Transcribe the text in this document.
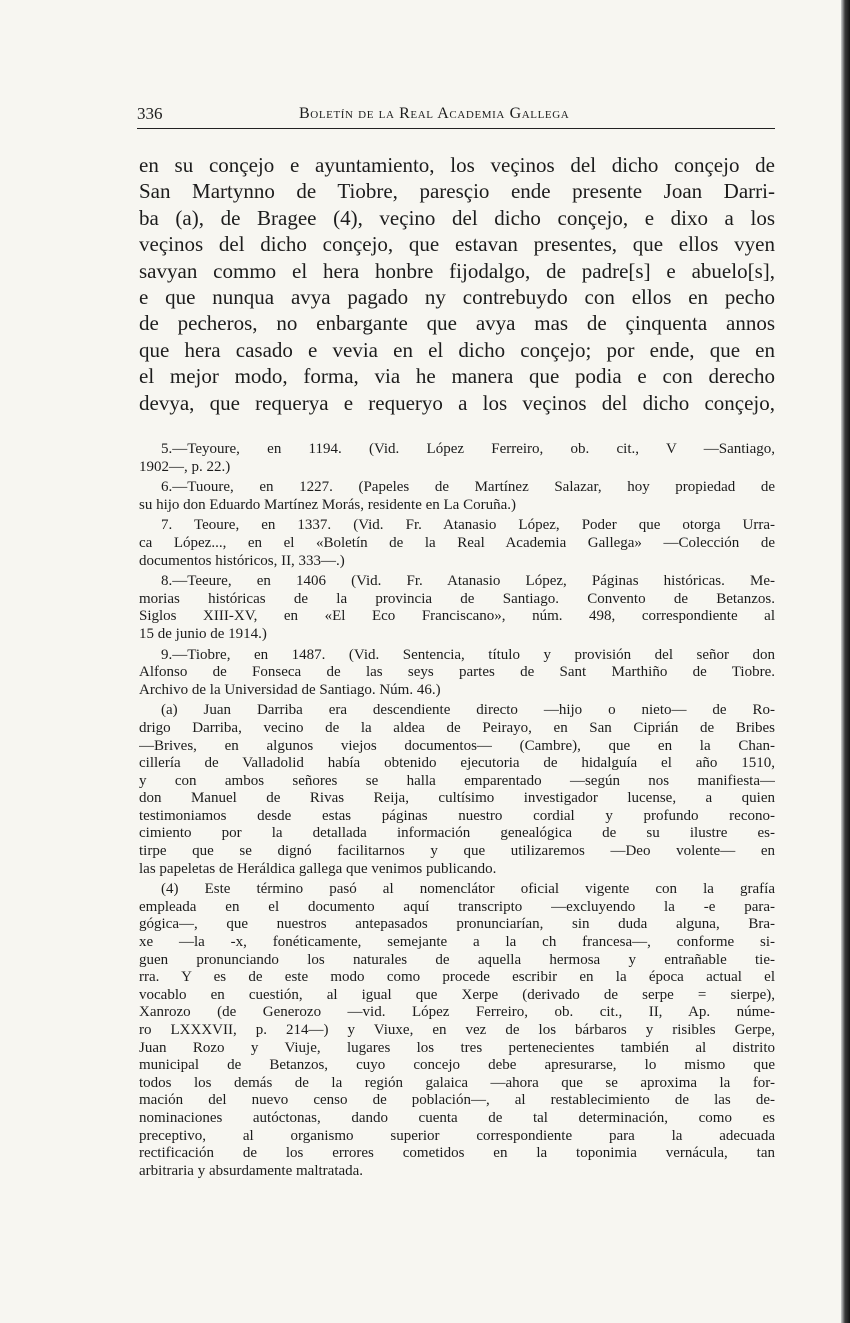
336	Boletín de la Real Academia Gallega
en su conçejo e ayuntamiento, los veçinos del dicho conçejo de
San Martynno de Tiobre, paresçio ende presente Joan Darri-
ba (a), de Bragee (4), veçino del dicho conçejo, e dixo a los
veçinos del dicho conçejo, que estavan presentes, que ellos vyen
savyan commo el hera honbre fijodalgo, de padre[s] e abuelo[s],
e que nunqua avya pagado ny contrebuydo con ellos en pecho
de pecheros, no enbargante que avya mas de çinquenta annos
que hera casado e vevia en el dicho conçejo; por ende, que en
el mejor modo, forma, via he manera que podia e con derecho
devya, que requerya e requeryo a los veçinos del dicho conçejo,
5.—Teyoure, en 1194. (Vid. López Ferreiro, ob. cit., V —Santiago,
1902—, p. 22.)
6.—Tuoure, en 1227. (Papeles de Martínez Salazar, hoy propiedad de
su hijo don Eduardo Martínez Morás, residente en La Coruña.)
7. Teoure, en 1337. (Vid. Fr. Atanasio López, Poder que otorga Urra-
ca López..., en el «Boletín de la Real Academia Gallega» —Colección de
documentos históricos, II, 333—.)
8.—Teeure, en 1406 (Vid. Fr. Atanasio López, Páginas históricas. Me-
morias históricas de la provincia de Santiago. Convento de Betanzos.
Siglos XIII-XV, en «El Eco Franciscano», núm. 498, correspondiente al
15 de junio de 1914.)
9.—Tiobre, en 1487. (Vid. Sentencia, título y provisión del señor don
Alfonso de Fonseca de las seys partes de Sant Marthiño de Tiobre.
Archivo de la Universidad de Santiago. Núm. 46.)
(a) Juan Darriba era descendiente directo —hijo o nieto— de Ro-
drigo Darriba, vecino de la aldea de Peirayo, en San Ciprián de Bribes
—Brives, en algunos viejos documentos— (Cambre), que en la Chan-
cillería de Valladolid había obtenido ejecutoria de hidalguía el año 1510,
y con ambos señores se halla emparentado —según nos manifiesta—
don Manuel de Rivas Reija, cultísimo investigador lucense, a quien
testimoniamos desde estas páginas nuestro cordial y profundo recono-
cimiento por la detallada información genealógica de su ilustre es-
tirpe que se dignó facilitarnos y que utilizaremos —Deo volente— en
las papeletas de Heráldica gallega que venimos publicando.
(4) Este término pasó al nomenclátor oficial vigente con la grafía
empleada en el documento aquí transcripto —excluyendo la -e para-
gógica—, que nuestros antepasados pronunciarían, sin duda alguna, Bra-
xe —la -x, fonéticamente, semejante a la ch francesa—, conforme si-
guen pronunciando los naturales de aquella hermosa y entrañable tie-
rra. Y es de este modo como procede escribir en la época actual el
vocablo en cuestión, al igual que Xerpe (derivado de serpe = sierpe),
Xanrozo (de Generozo —vid. López Ferreiro, ob. cit., II, Ap. núme-
ro LXXXVII, p. 214—) y Viuxe, en vez de los bárbaros y risibles Gerpe,
Juan Rozo y Viuje, lugares los tres pertenecientes también al distrito
municipal de Betanzos, cuyo concejo debe apresurarse, lo mismo que
todos los demás de la región galaica —ahora que se aproxima la for-
mación del nuevo censo de población—, al restablecimiento de las de-
nominaciones autóctonas, dando cuenta de tal determinación, como es
preceptivo, al organismo superior correspondiente para la adecuada
rectificación de los errores cometidos en la toponimia vernácula, tan
arbitraria y absurdamente maltratada.
